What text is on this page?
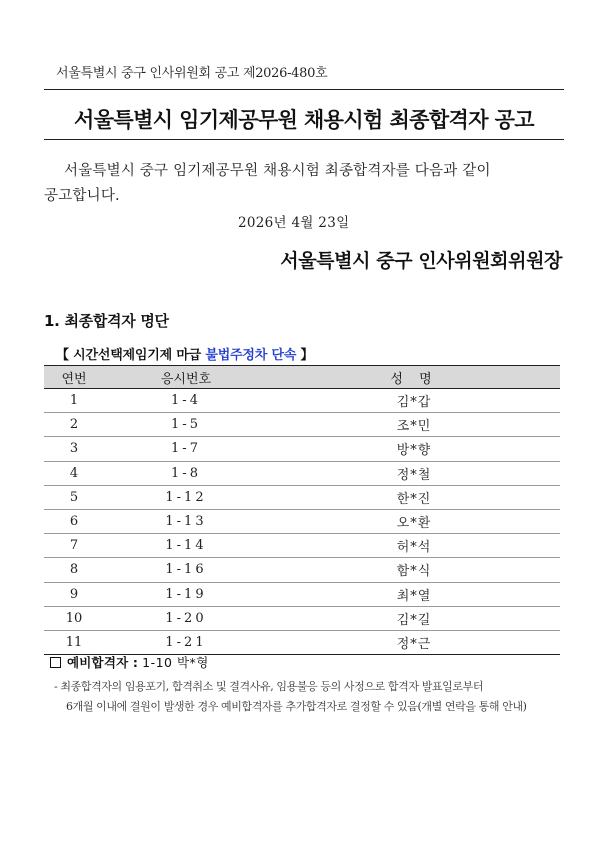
서울특별시 중구 인사위원회 공고 제2026-480호
서울특별시 임기제공무원 채용시험 최종합격자 공고
서울특별시 중구 임기제공무원 채용시험 최종합격자를 다음과 같이
공고합니다.
2026년 4월 23일
서울특별시 중구 인사위원회위원장
1. 최종합격자 명단
【 시간선택제임기제 마급 불법주정차 단속 】
연번	응시번호	성 명
1	1-4	김*갑
2	1-5	조*민
3	1-7	방*향
4	1-8	정*철
5	1-12	한*진
6	1-13	오*환
7	1-14	허*석
8	1-16	함*식
9	1-19	최*열
10	1-20	김*길
11	1-21	정*근
예비합격자 : 1-10 박*형
- 최종합격자의 임용포기, 합격취소 및 결격사유, 임용불응 등의 사정으로 합격자 발표일로부터
6개월 이내에 결원이 발생한 경우 예비합격자를 추가합격자로 결정할 수 있음(개별 연락을 통해 안내)
